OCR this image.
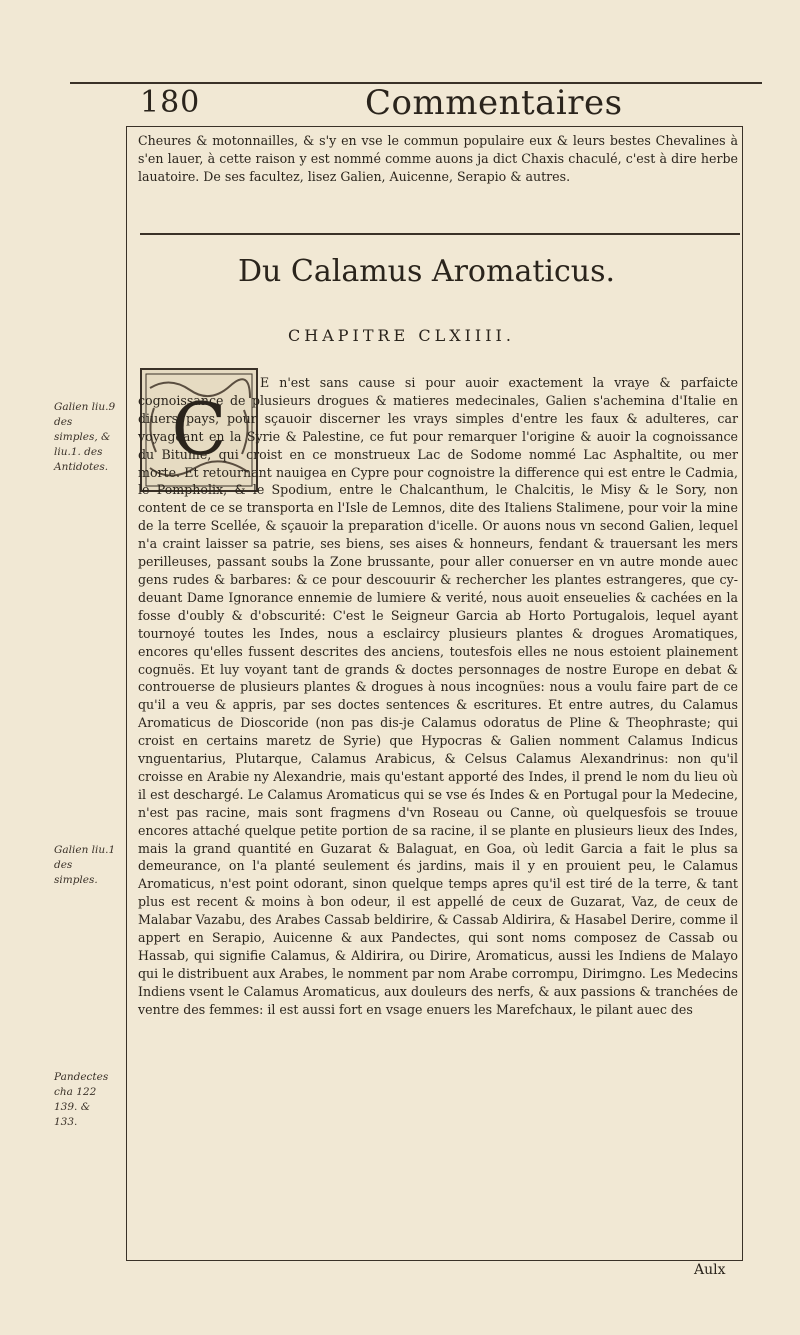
180	Commentaires

Cheures & motonnailles, & s'y en vse le commun populaire eux & leurs bestes Chevalines à s'en lauer, à cette raison y est nommé comme auons ja dict Chaxis chaculé, c'est à dire herbe lauatoire. De ses facultez, lisez Galien, Auicenne, Serapio & autres.

Du Calamus Aromaticus.
CHAPITRE CLXIIII.
C

E n'est sans cause si pour auoir exactement la vraye & parfaicte cognoissance de plusieurs drogues & matieres medecinales, Galien s'achemina d'Italie en diuers pays, pour sçauoir discerner les vrays simples d'entre les faux & adulteres, car voyageant en la Syrie & Palestine, ce fut pour remarquer l'origine & auoir la cognoissance du Bitume, qui croist en ce monstrueux Lac de Sodome nommé Lac Asphaltite, ou mer morte. Et retournant nauigea en Cypre pour cognoistre la difference qui est entre le Cadmia, le Pompholix, & le Spodium, entre le Chalcanthum, le Chalcitis, le Misy & le Sory, non content de ce se transporta en l'Isle de Lemnos, dite des Italiens Stalimene, pour voir la mine de la terre Scellée, & sçauoir la preparation d'icelle. Or auons nous vn second Galien, lequel n'a craint laisser sa patrie, ses biens, ses aises & honneurs, fendant & trauersant les mers perilleuses, passant soubs la Zone brussante, pour aller conuerser en vn autre monde auec gens rudes & barbares: & ce pour descouurir & rechercher les plantes estrangeres, que cy-deuant Dame Ignorance ennemie de lumiere & verité, nous auoit enseuelies & cachées en la fosse d'oubly & d'obscurité: C'est le Seigneur Garcia ab Horto Portugalois, lequel ayant tournoyé toutes les Indes, nous a esclaircy plusieurs plantes & drogues Aromatiques, encores qu'elles fussent descrites des anciens, toutesfois elles ne nous estoient plainement cognuës. Et luy voyant tant de grands & doctes personnages de nostre Europe en debat & controuerse de plusieurs plantes & drogues à nous incognües: nous a voulu faire part de ce qu'il a veu & appris, par ses doctes sentences & escritures. Et entre autres, du Calamus Aromaticus de Dioscoride (non pas dis-je Calamus odoratus de Pline & Theophraste; qui croist en certains maretz de Syrie) que Hypocras & Galien nomment Calamus Indicus vnguentarius, Plutarque, Calamus Arabicus, & Celsus Calamus Alexandrinus: non qu'il croisse en Arabie ny Alexandrie, mais qu'estant apporté des Indes, il prend le nom du lieu où il est deschargé. Le Calamus Aromaticus qui se vse és Indes & en Portugal pour la Medecine, n'est pas racine, mais sont fragmens d'vn Roseau ou Canne, où quelquesfois se trouue encores attaché quelque petite portion de sa racine, il se plante en plusieurs lieux des Indes, mais la grand quantité en Guzarat & Balaguat, en Goa, où ledit Garcia a fait le plus sa demeurance, on l'a planté seulement és jardins, mais il y en prouient peu, le Calamus Aromaticus, n'est point odorant, sinon quelque temps apres qu'il est tiré de la terre, & tant plus est recent & moins à bon odeur, il est appellé de ceux de Guzarat, Vaz, de ceux de Malabar Vazabu, des Arabes Cassab beldirire, & Cassab Aldirira, & Hasabel Derire, comme il appert en Serapio, Auicenne & aux Pandectes, qui sont noms composez de Cassab ou Hassab, qui signifie Calamus, & Aldirira, ou Dirire, Aromaticus, aussi les Indiens de Malayo qui le distribuent aux Arabes, le nomment par nom Arabe corrompu, Dirimgno. Les Medecins Indiens vsent le Calamus Aromaticus, aux douleurs des nerfs, & aux passions & tranchées de ventre des femmes: il est aussi fort en vsage enuers les Marefchaux, le pilant auec des

Galien liu.9 des simples, & liu.1. des Antidotes.
Galien liu.1 des simples.
Pandectes cha 122 139. & 133.
Aulx
